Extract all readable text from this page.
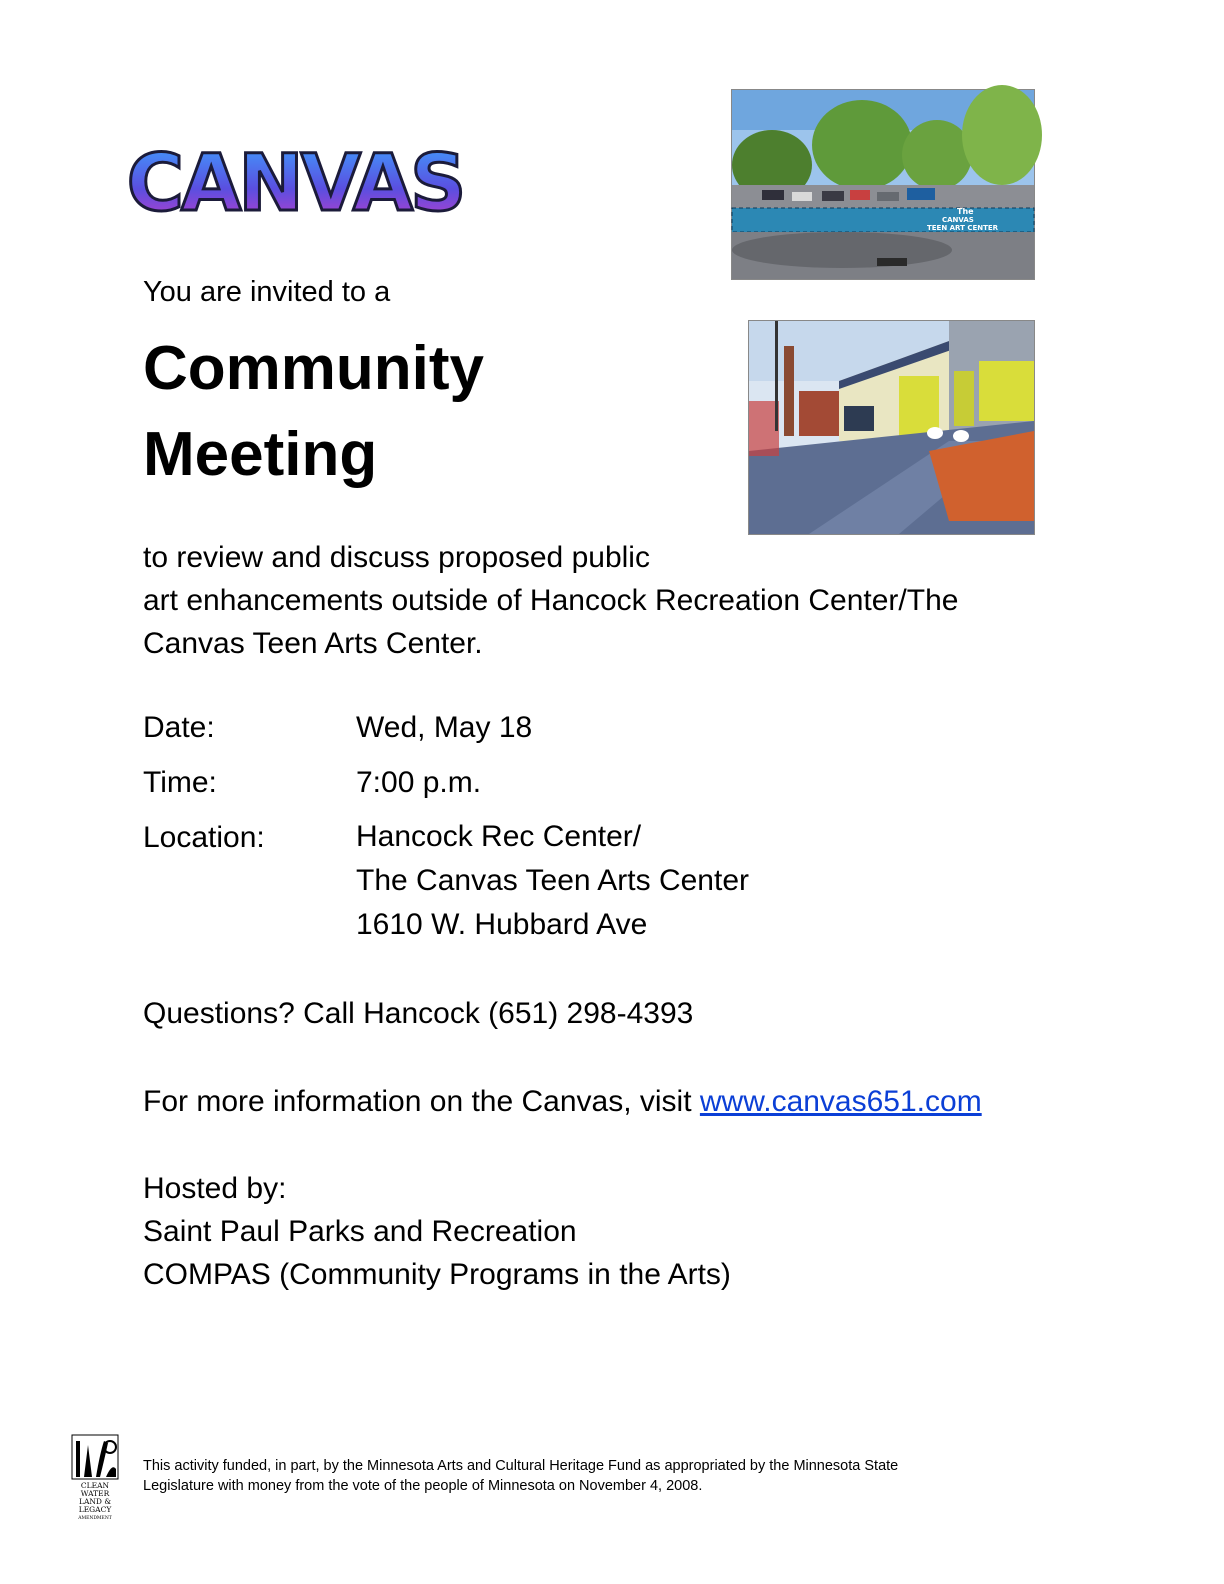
CANVAS	The
CANVAS
TEEN ART CENTER
You are invited to a
Community
Meeting
to review and discuss proposed public
art enhancements outside of Hancock Recreation Center/The
Canvas Teen Arts Center.
Date:	Wed, May 18
Time:	7:00 p.m.
Location:	Hancock Rec Center/
The Canvas Teen Arts Center
1610 W. Hubbard Ave
Questions? Call Hancock (651) 298-4393
For more information on the Canvas, visit www.canvas651.com
Hosted by:
Saint Paul Parks and Recreation
COMPAS (Community Programs in the Arts)
CLEAN
WATER
LAND &
LEGACY
AMENDMENT
This activity funded, in part, by the Minnesota Arts and Cultural Heritage Fund as appropriated by the Minnesota State
Legislature with money from the vote of the people of Minnesota on November 4, 2008.
